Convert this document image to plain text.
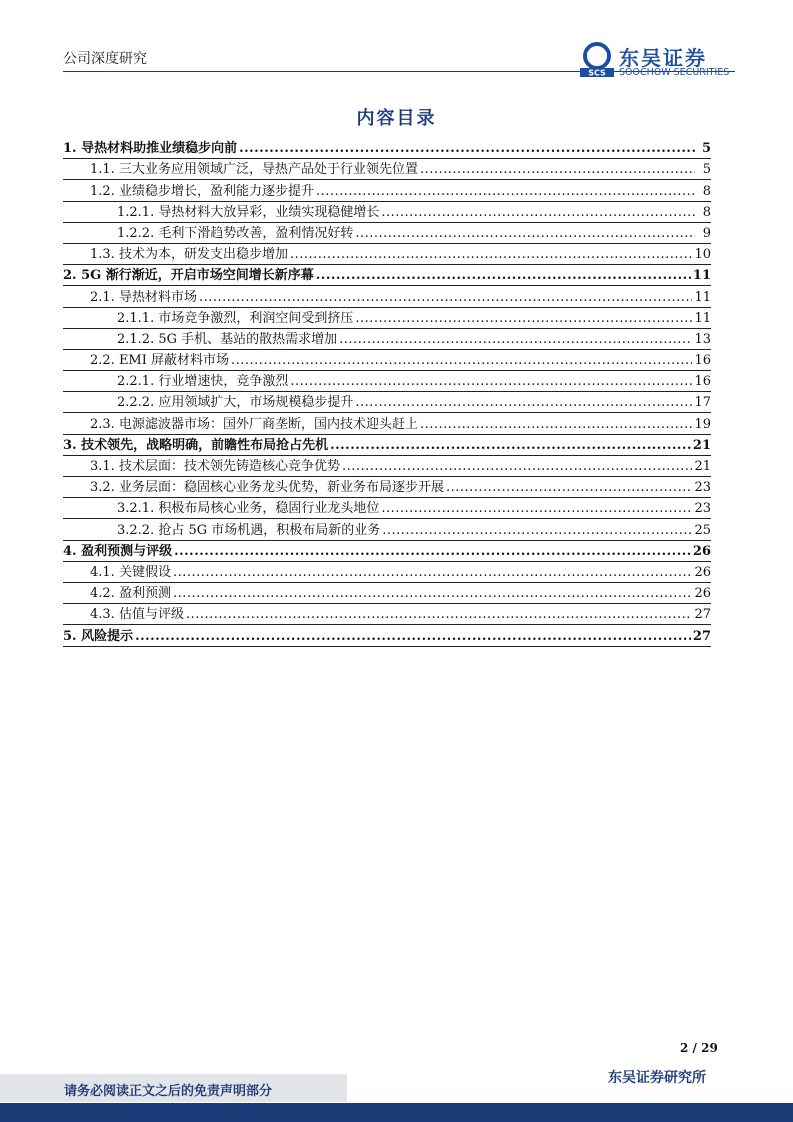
公司深度研究
SCS
东吴证券
SOOCHOW SECURITIES
内容目录
1. 导热材料助推业绩稳步向前 .....	5
1.1. 三大业务应用领域广泛，导热产品处于行业领先位置 .....	5
1.2. 业绩稳步增长，盈利能力逐步提升 .....	8
1.2.1. 导热材料大放异彩，业绩实现稳健增长 .....	8
1.2.2. 毛利下滑趋势改善，盈利情况好转 .....	9
1.3. 技术为本，研发支出稳步增加 .....	10
2. 5G 渐行渐近，开启市场空间增长新序幕 .....	11
2.1. 导热材料市场 .....	11
2.1.1. 市场竞争激烈，利润空间受到挤压 .....	11
2.1.2. 5G 手机、基站的散热需求增加 .....	13
2.2. EMI 屏蔽材料市场 .....	16
2.2.1. 行业增速快，竞争激烈 .....	16
2.2.2. 应用领域扩大，市场规模稳步提升 .....	17
2.3. 电源滤波器市场：国外厂商垄断，国内技术迎头赶上 .....	19
3. 技术领先，战略明确，前瞻性布局抢占先机 .....	21
3.1. 技术层面：技术领先铸造核心竞争优势 .....	21
3.2. 业务层面：稳固核心业务龙头优势，新业务布局逐步开展 .....	23
3.2.1. 积极布局核心业务，稳固行业龙头地位 .....	23
3.2.2. 抢占 5G 市场机遇，积极布局新的业务 .....	25
4. 盈利预测与评级 .....	26
4.1. 关键假设 .....	26
4.2. 盈利预测 .....	26
4.3. 估值与评级 .....	27
5. 风险提示 .....	27
2 / 29
请务必阅读正文之后的免责声明部分
东吴证券研究所
